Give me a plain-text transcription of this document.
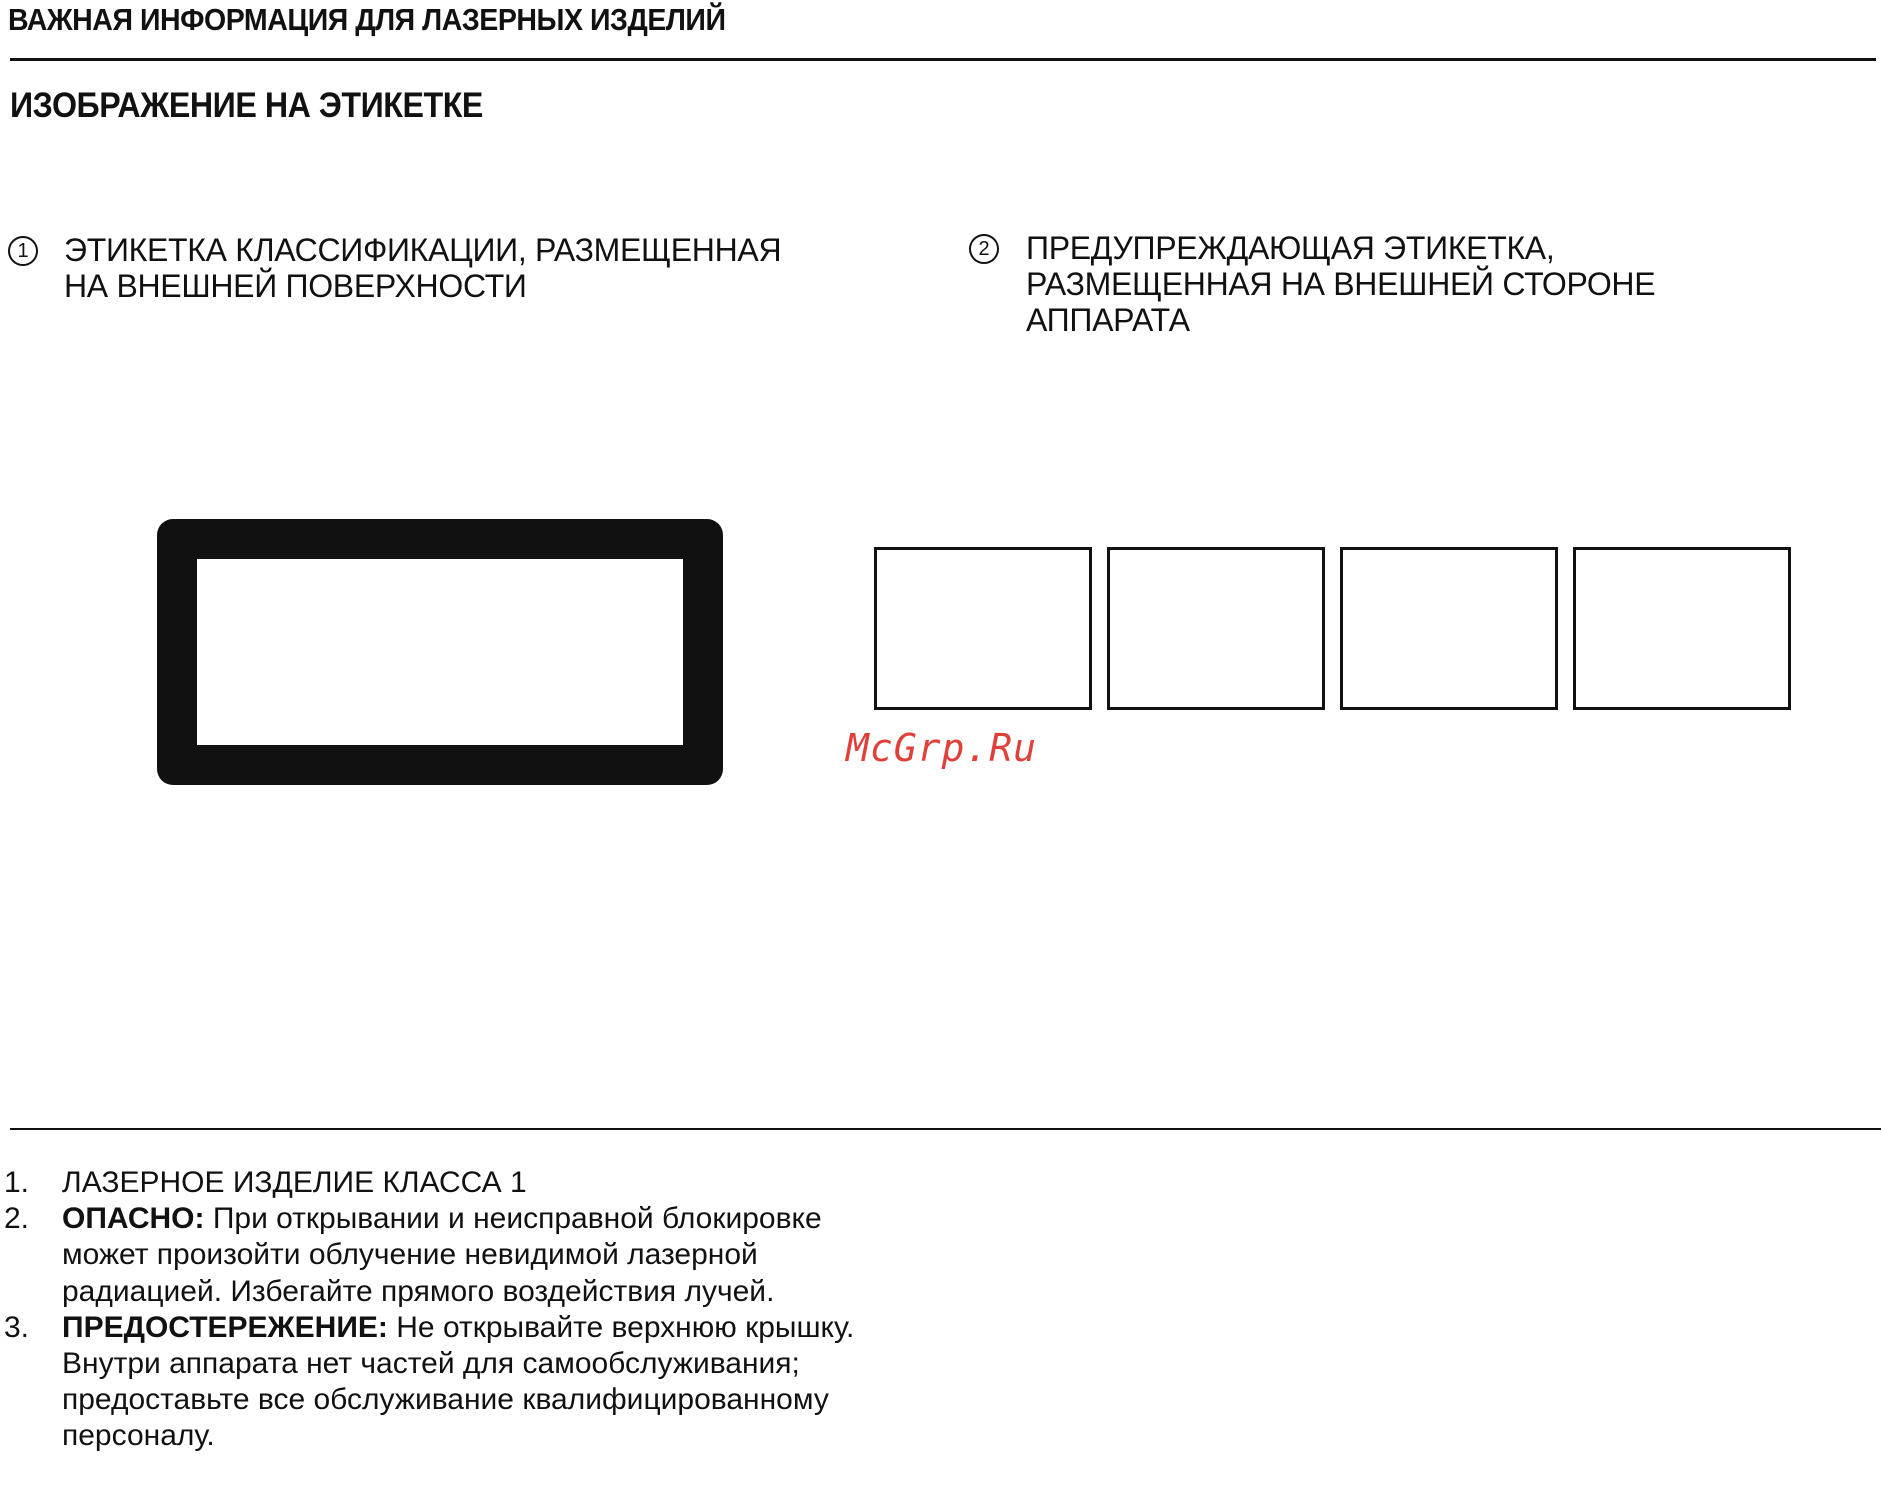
ВАЖНАЯ ИНФОРМАЦИЯ ДЛЯ ЛАЗЕРНЫХ ИЗДЕЛИЙ
ИЗОБРАЖЕНИЕ НА ЭТИКЕТКЕ
1 ЭТИКЕТКА КЛАССИФИКАЦИИ, РАЗМЕЩЕННАЯ
НА ВНЕШНЕЙ ПОВЕРХНОСТИ
2 ПРЕДУПРЕЖДАЮЩАЯ ЭТИКЕТКА,
РАЗМЕЩЕННАЯ НА ВНЕШНЕЙ СТОРОНЕ
АППАРАТА
McGrp.Ru
1. ЛАЗЕРНОЕ ИЗДЕЛИЕ КЛАССА 1
2. ОПАСНО: При открывании и неисправной блокировке может произойти облучение невидимой лазерной радиацией. Избегайте прямого воздействия лучей.
3. ПРЕДОСТЕРЕЖЕНИЕ: Не открывайте верхнюю крышку. Внутри аппарата нет частей для самообслуживания; предоставьте все обслуживание квалифицированному персоналу.
